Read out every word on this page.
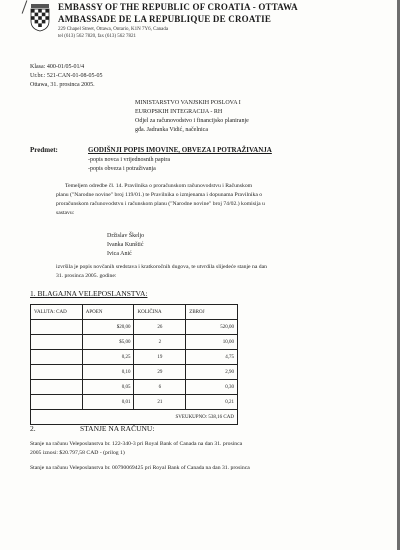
EMBASSY OF THE REPUBLIC OF CROATIA - OTTAWA
AMBASSADE DE LA REPUBLIQUE DE CROATIE
229 Chapel Street, Ottawa, Ontario, K1N 7Y6, Canada
tel (613) 562 7820, fax (613) 562 7821
Klasa: 400-01/05-01/4
Ur.br.: 521-CAN-01-08-05-05
Ottawa, 31. prosinca 2005.
MINISTARSTVO VANJSKIH POSLOVA I
EUROPSKIH INTEGRACIJA - RH
Odjel za računovodstvo i financijsko planiranje
gđa. Jadranka Vidić, načelnica
Predmet:	GODIŠNJI POPIS IMOVINE, OBVEZA I POTRAŽIVANJA
-popis novca i vrijednosnih papira
-popis obveza i potraživanja
Temeljem odredbe čl. 14. Pravilnika o proračunskom računovodstvu i Računskom
planu ("Narodne novine" broj 119/01.) te Pravilnika o izmjenama i dopunama Pravilnika o
proračunskom računovodstvu i računskom planu ("Narodne novine" broj 74/02.) komisija u
sastavu:
Držislav Škeljo
Ivanka Kunštić
Ivica Anić
izvršila je popis novčanih sredstava i kratkoročnih dugova, te utvrdila slijedeće stanje na dan
31. prosinca 2005. godine:
1. BLAGAJNA VELEPOSLANSTVA:
VALUTA: CAD	APOEN	KOLIČINA	ZBROJ
	$20,00	26	520,00
	$5,00	2	10,00
	0,25	19	4,75
	0,10	29	2,90
	0,05	6	0,30
	0,01	21	0,21
SVEUKUPNO: 538,16 CAD			
2.	STANJE NA RAČUNU:
Stanje na računu Veleposlanstva br. 122-340-3 pri Royal Bank of Canada na dan 31. prosinca
2005 iznosi: $20.797,58 CAD - (prilog 1)
Stanje na računu Veleposlanstva br. 00790069425 pri Royal Bank of Canada na dan 31. prosinca
